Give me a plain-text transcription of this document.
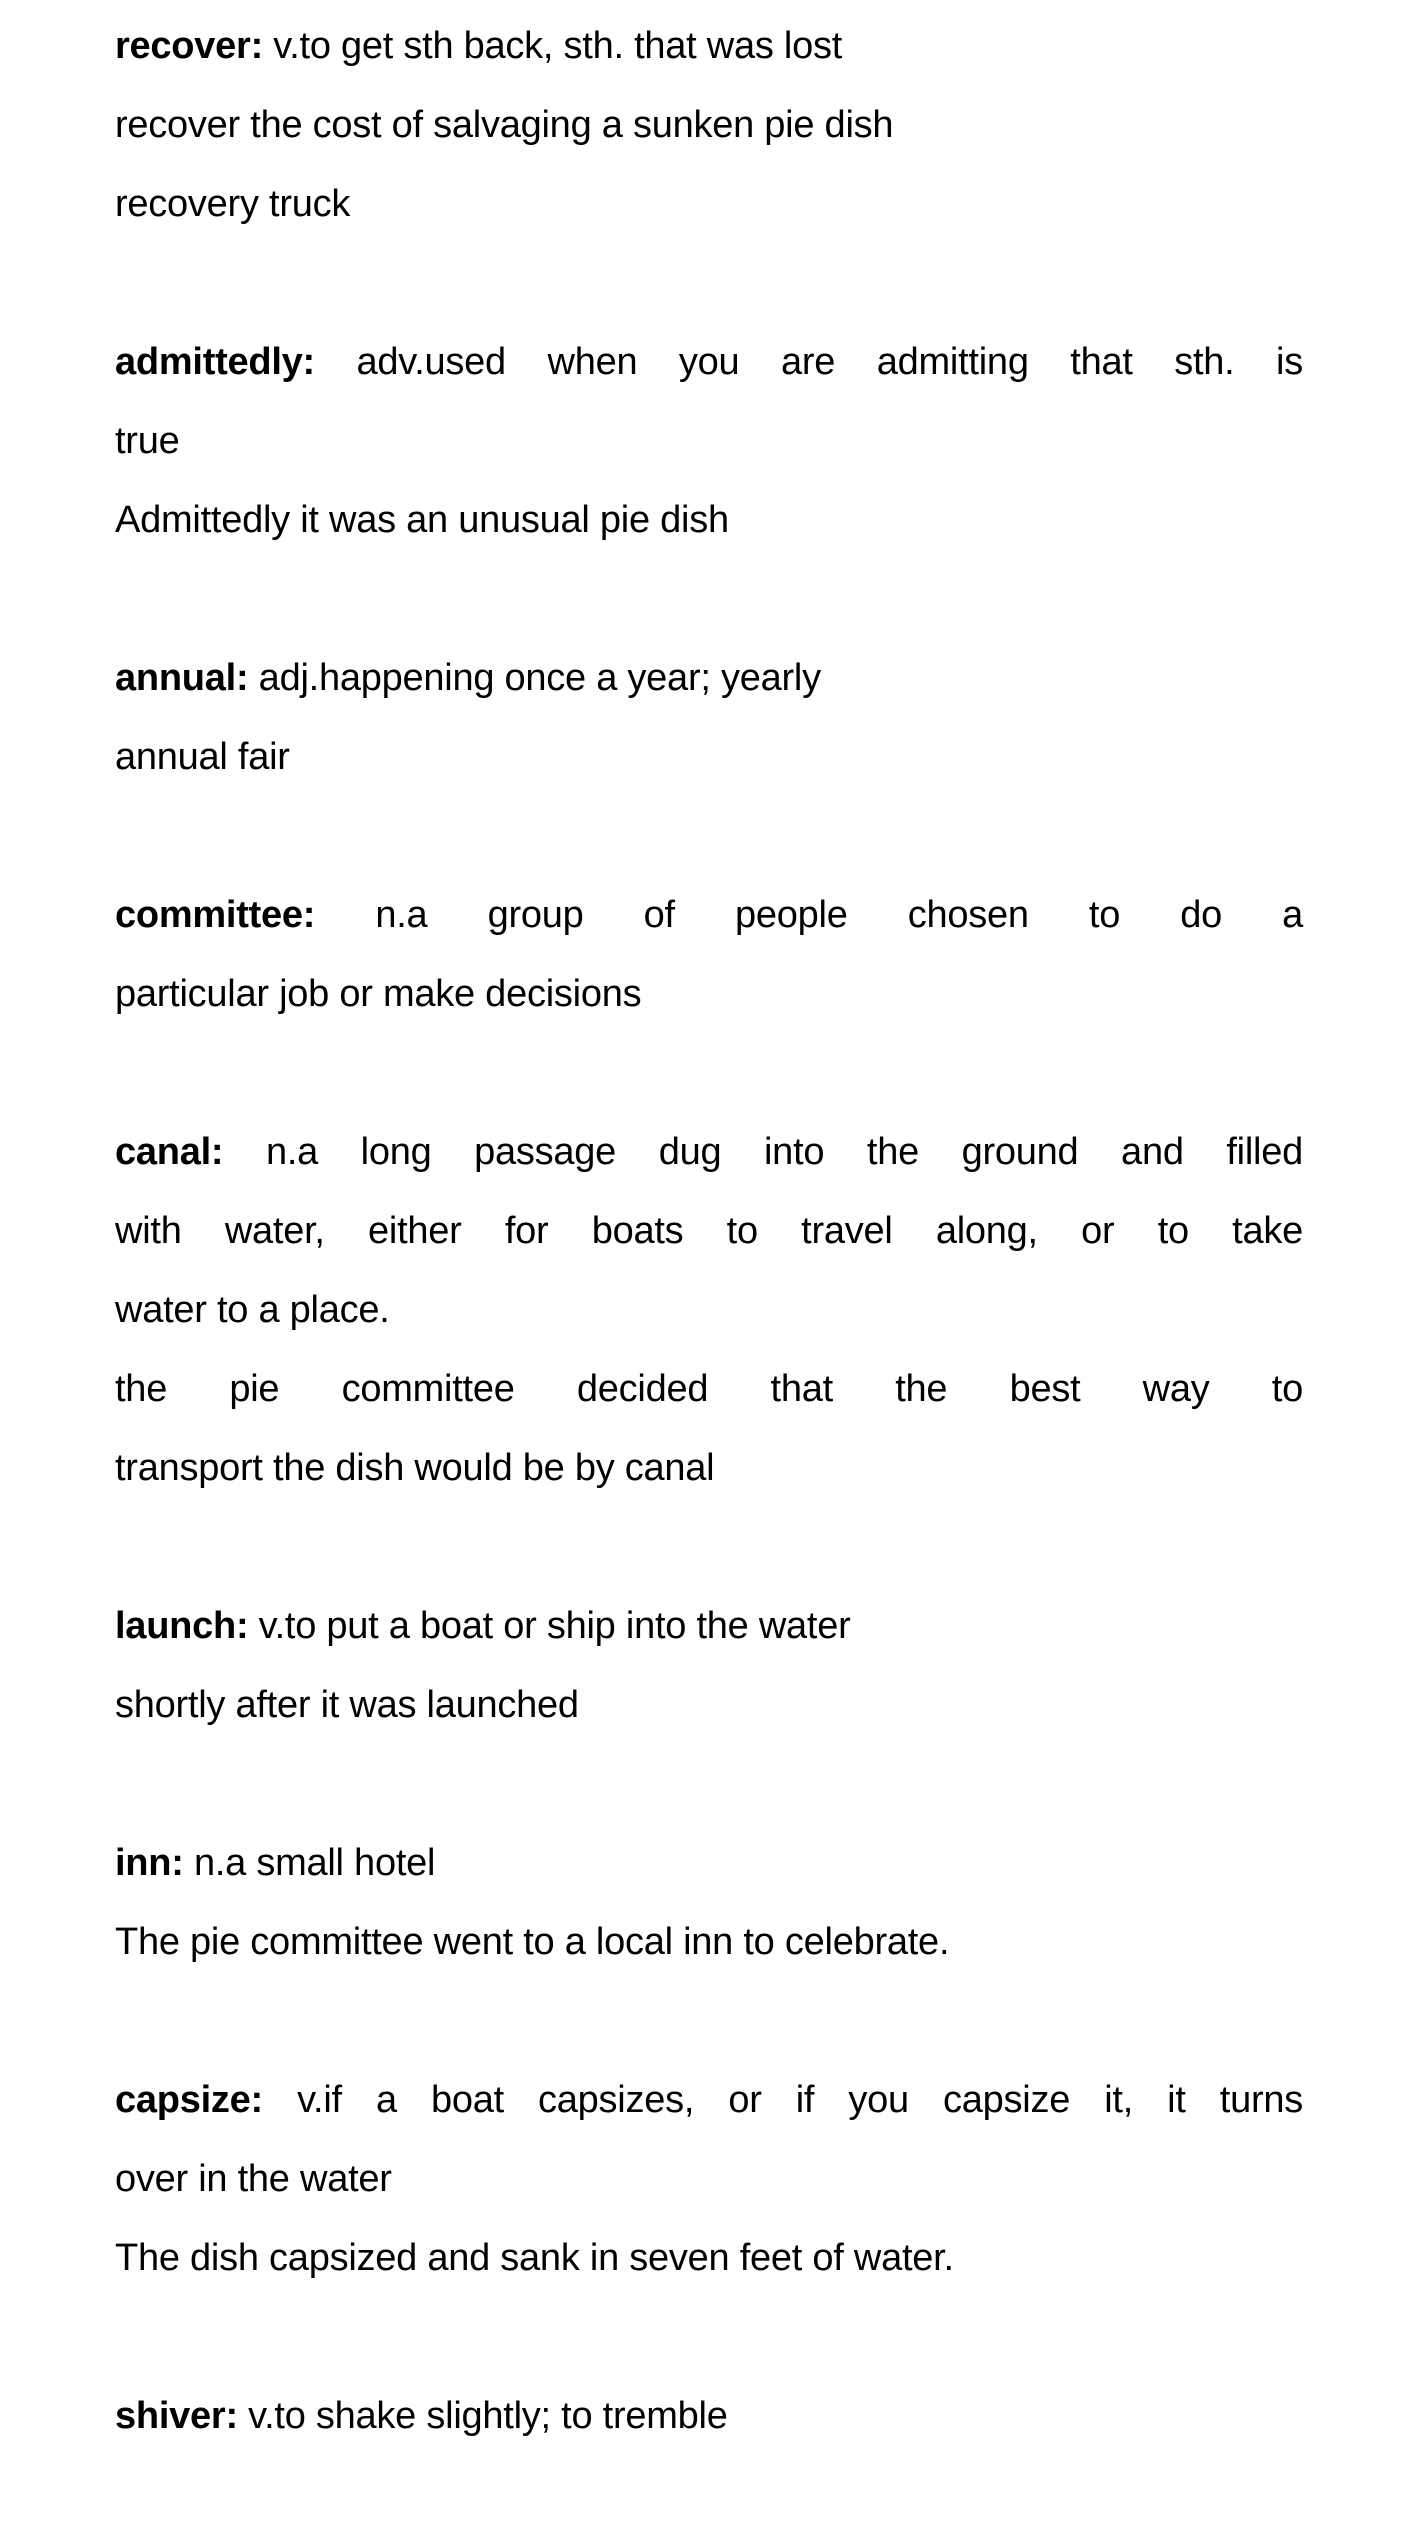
recover: v.to get sth back, sth. that was lost
recover the cost of salvaging a sunken pie dish
recovery truck
admittedly: adv.used when you are admitting that sth. is
true
Admittedly it was an unusual pie dish
annual: adj.happening once a year; yearly
annual fair
committee: n.a group of people chosen to do a
particular job or make decisions
canal: n.a long passage dug into the ground and filled
with water, either for boats to travel along, or to take
water to a place.
the pie committee decided that the best way to
transport the dish would be by canal
launch: v.to put a boat or ship into the water
shortly after it was launched
inn: n.a small hotel
The pie committee went to a local inn to celebrate.
capsize: v.if a boat capsizes, or if you capsize it, it turns
over in the water
The dish capsized and sank in seven feet of water.
shiver: v.to shake slightly; to tremble
